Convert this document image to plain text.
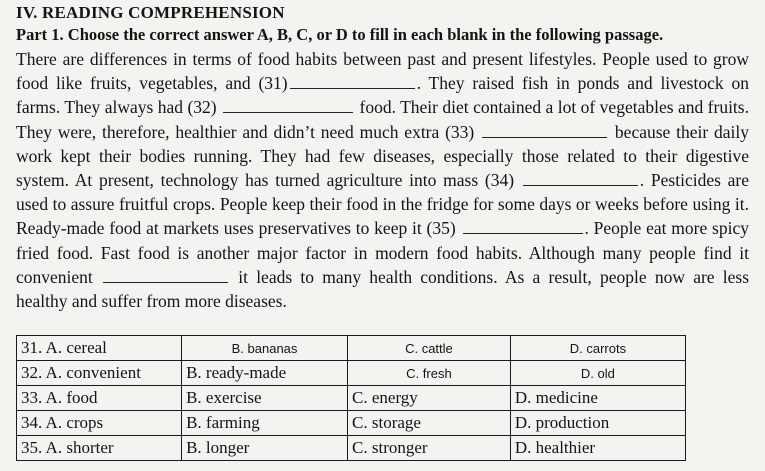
IV. READING COMPREHENSION
Part 1. Choose the correct answer A, B, C, or D to fill in each blank in the following passage.
There are differences in terms of food habits between past and present lifestyles. People used to grow food like fruits, vegetables, and (31)	. They raised fish in ponds and livestock on farms. They always had (32)	food. Their diet contained a lot of vegetables and fruits. They were, therefore, healthier and didn’t need much extra (33)	because their daily work kept their bodies running. They had few diseases, especially those related to their digestive system. At present, technology has turned agriculture into mass (34)	. Pesticides are used to assure fruitful crops. People keep their food in the fridge for some days or weeks before using it. Ready-made food at markets uses preservatives to keep it (35)	. People eat more spicy fried food. Fast food is another major factor in modern food habits. Although many people find it convenient	it leads to many health conditions. As a result, people now are less healthy and suffer from more diseases.
31. A. cereal	B. bananas	C. cattle	D. carrots
32. A. convenient	B. ready-made	C. fresh	D. old
33. A. food	B. exercise	C. energy	D. medicine
34. A. crops	B. farming	C. storage	D. production
35. A. shorter	B. longer	C. stronger	D. healthier
